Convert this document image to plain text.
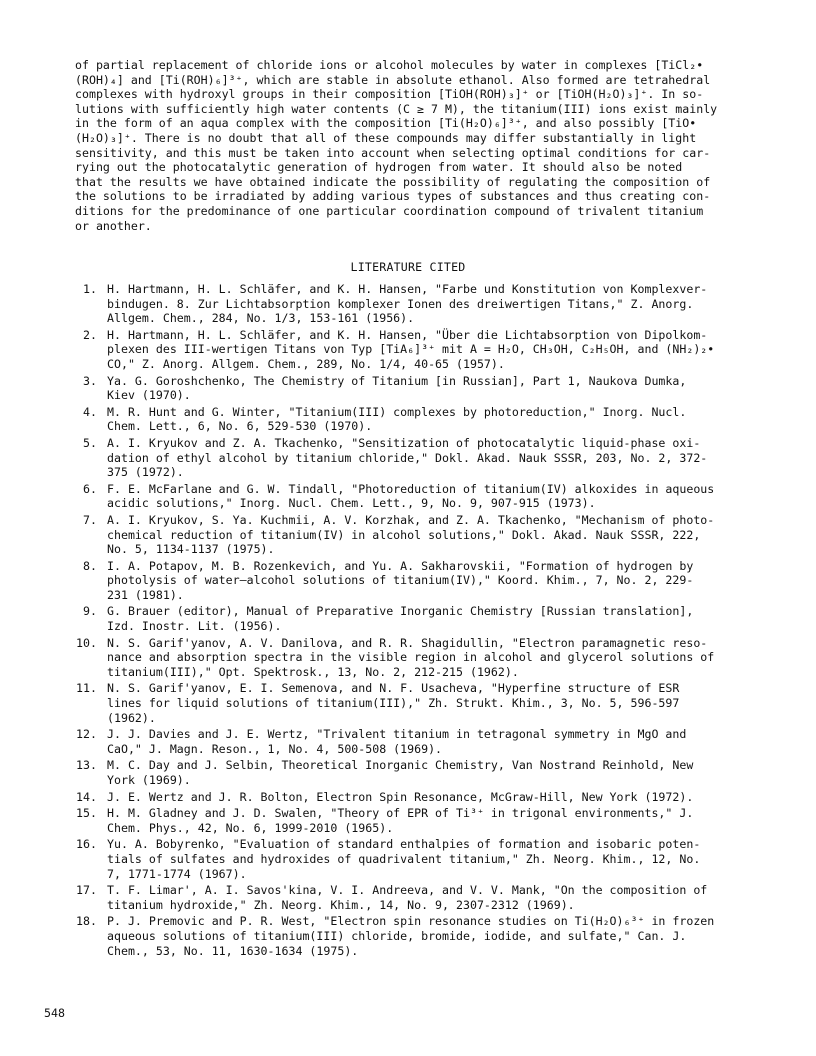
of partial replacement of chloride ions or alcohol molecules by water in complexes [TiCl₂•
(ROH)₄] and [Ti(ROH)₆]³⁺, which are stable in absolute ethanol. Also formed are tetrahedral
complexes with hydroxyl groups in their composition [TiOH(ROH)₃]⁺ or [TiOH(H₂O)₃]⁺. In so-
lutions with sufficiently high water contents (C ≥ 7 M), the titanium(III) ions exist mainly
in the form of an aqua complex with the composition [Ti(H₂O)₆]³⁺, and also possibly [TiO•
(H₂O)₃]⁺. There is no doubt that all of these compounds may differ substantially in light
sensitivity, and this must be taken into account when selecting optimal conditions for car-
rying out the photocatalytic generation of hydrogen from water. It should also be noted
that the results we have obtained indicate the possibility of regulating the composition of
the solutions to be irradiated by adding various types of substances and thus creating con-
ditions for the predominance of one particular coordination compound of trivalent titanium
or another.
LITERATURE CITED
1. H. Hartmann, H. L. Schläfer, and K. H. Hansen, "Farbe und Konstitution von Komplexver-
bindugen. 8. Zur Lichtabsorption komplexer Ionen des dreiwertigen Titans," Z. Anorg.
Allgem. Chem., 284, No. 1/3, 153-161 (1956).
2. H. Hartmann, H. L. Schläfer, and K. H. Hansen, "Über die Lichtabsorption von Dipolkom-
plexen des III-wertigen Titans von Typ [TiA₆]³⁺ mit A = H₂O, CH₃OH, C₂H₅OH, and (NH₂)₂•
CO," Z. Anorg. Allgem. Chem., 289, No. 1/4, 40-65 (1957).
3. Ya. G. Goroshchenko, The Chemistry of Titanium [in Russian], Part 1, Naukova Dumka,
Kiev (1970).
4. M. R. Hunt and G. Winter, "Titanium(III) complexes by photoreduction," Inorg. Nucl.
Chem. Lett., 6, No. 6, 529-530 (1970).
5. A. I. Kryukov and Z. A. Tkachenko, "Sensitization of photocatalytic liquid-phase oxi-
dation of ethyl alcohol by titanium chloride," Dokl. Akad. Nauk SSSR, 203, No. 2, 372-
375 (1972).
6. F. E. McFarlane and G. W. Tindall, "Photoreduction of titanium(IV) alkoxides in aqueous
acidic solutions," Inorg. Nucl. Chem. Lett., 9, No. 9, 907-915 (1973).
7. A. I. Kryukov, S. Ya. Kuchmii, A. V. Korzhak, and Z. A. Tkachenko, "Mechanism of photo-
chemical reduction of titanium(IV) in alcohol solutions," Dokl. Akad. Nauk SSSR, 222,
No. 5, 1134-1137 (1975).
8. I. A. Potapov, M. B. Rozenkevich, and Yu. A. Sakharovskii, "Formation of hydrogen by
photolysis of water—alcohol solutions of titanium(IV)," Koord. Khim., 7, No. 2, 229-
231 (1981).
9. G. Brauer (editor), Manual of Preparative Inorganic Chemistry [Russian translation],
Izd. Inostr. Lit. (1956).
10. N. S. Garif'yanov, A. V. Danilova, and R. R. Shagidullin, "Electron paramagnetic reso-
nance and absorption spectra in the visible region in alcohol and glycerol solutions of
titanium(III)," Opt. Spektrosk., 13, No. 2, 212-215 (1962).
11. N. S. Garif'yanov, E. I. Semenova, and N. F. Usacheva, "Hyperfine structure of ESR
lines for liquid solutions of titanium(III)," Zh. Strukt. Khim., 3, No. 5, 596-597
(1962).
12. J. J. Davies and J. E. Wertz, "Trivalent titanium in tetragonal symmetry in MgO and
CaO," J. Magn. Reson., 1, No. 4, 500-508 (1969).
13. M. C. Day and J. Selbin, Theoretical Inorganic Chemistry, Van Nostrand Reinhold, New
York (1969).
14. J. E. Wertz and J. R. Bolton, Electron Spin Resonance, McGraw-Hill, New York (1972).
15. H. M. Gladney and J. D. Swalen, "Theory of EPR of Ti³⁺ in trigonal environments," J.
Chem. Phys., 42, No. 6, 1999-2010 (1965).
16. Yu. A. Bobyrenko, "Evaluation of standard enthalpies of formation and isobaric poten-
tials of sulfates and hydroxides of quadrivalent titanium," Zh. Neorg. Khim., 12, No.
7, 1771-1774 (1967).
17. T. F. Limar', A. I. Savos'kina, V. I. Andreeva, and V. V. Mank, "On the composition of
titanium hydroxide," Zh. Neorg. Khim., 14, No. 9, 2307-2312 (1969).
18. P. J. Premovic and P. R. West, "Electron spin resonance studies on Ti(H₂O)₆³⁺ in frozen
aqueous solutions of titanium(III) chloride, bromide, iodide, and sulfate," Can. J.
Chem., 53, No. 11, 1630-1634 (1975).
548
